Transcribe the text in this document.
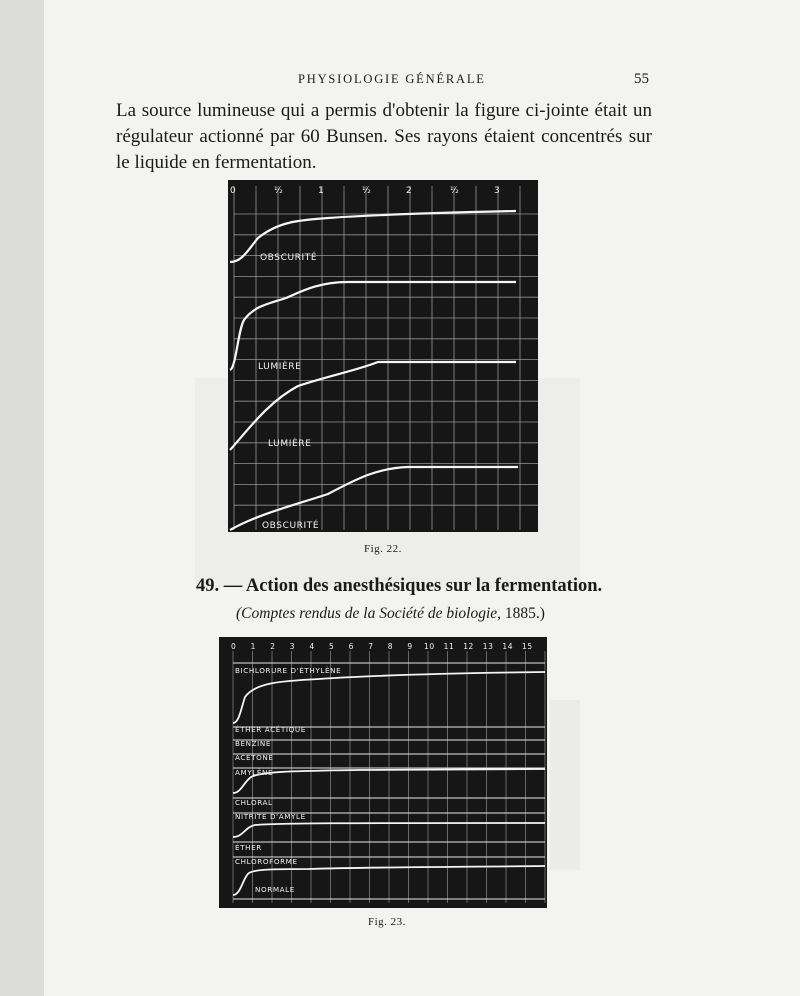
PHYSIOLOGIE GÉNÉRALE	55

La source lumineuse qui a permis d'obtenir la figure ci-jointe était un régulateur actionné par 60 Bunsen. Ses rayons étaient concentrés sur le liquide en fermentation.

0	½	1	½	2	½	3
OBSCURITÉ
LUMIÈRE
LUMIÈRE
OBSCURITÉ
Fig. 22.
49. — Action des anesthésiques sur la fermentation.
(Comptes rendus de la Société de biologie, 1885.)
0 1 2 3 4 5 6 7 8 9 10 11 12 13 14 15
BICHLORURE D'ÉTHYLÈNE
ÉTHER ACÉTIQUE
BENZINE
ACÉTONE
AMYLÈNE
CHLORAL
NITRITE D'AMYLE
ÉTHER
CHLOROFORME
NORMALE
Fig. 23.
